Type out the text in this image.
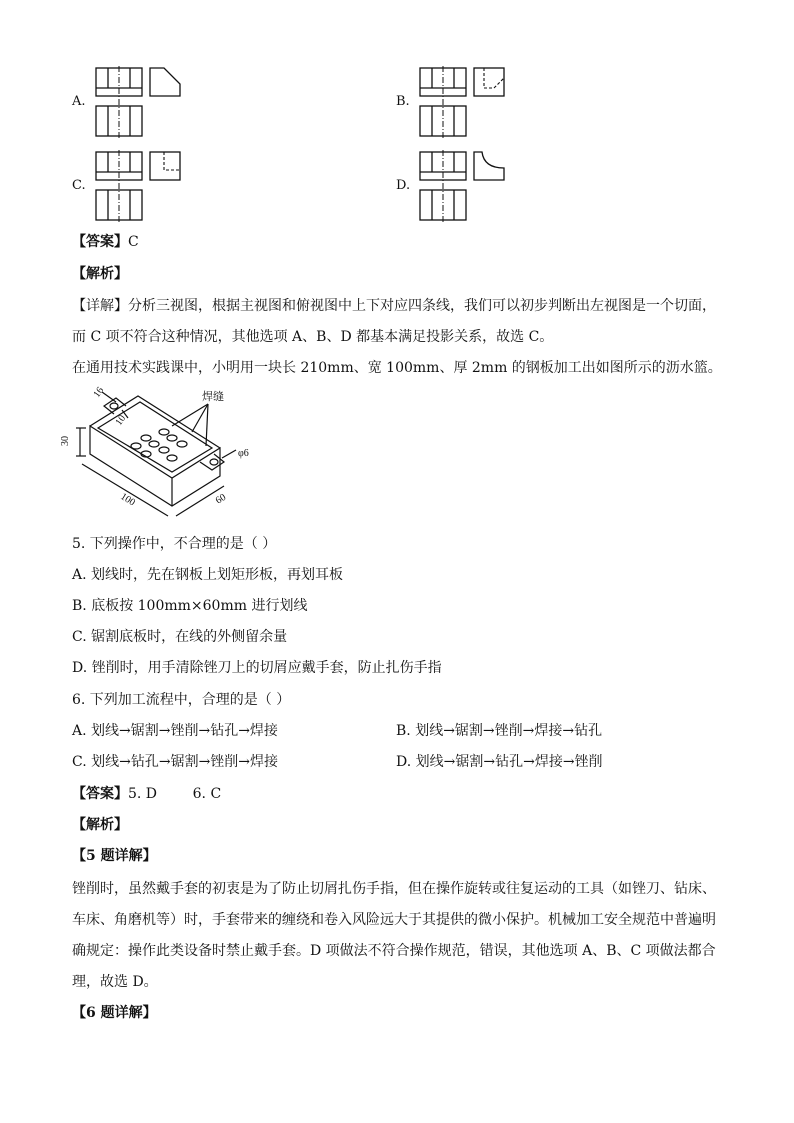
A.	B.
C.	D.
【答案】C
【解析】
【详解】分析三视图，根据主视图和俯视图中上下对应四条线，我们可以初步判断出左视图是一个切面，
而 C 项不符合这种情况，其他选项 A、B、D 都基本满足投影关系，故选 C。
在通用技术实践课中，小明用一块长 210mm、宽 100mm、厚 2mm 的钢板加工出如图所示的沥水篮。
16
10
30
焊缝
φ6
100	60
5. 下列操作中，不合理的是（ ）
A. 划线时，先在钢板上划矩形板，再划耳板
B. 底板按 100mm×60mm 进行划线
C. 锯割底板时，在线的外侧留余量
D. 锉削时，用手清除锉刀上的切屑应戴手套，防止扎伤手指
6. 下列加工流程中，合理的是（ ）
A. 划线→锯割→锉削→钻孔→焊接	B. 划线→锯割→锉削→焊接→钻孔
C. 划线→钻孔→锯割→锉削→焊接	D. 划线→锯割→钻孔→焊接→锉削
【答案】5. D        6. C
【解析】
【5 题详解】
锉削时，虽然戴手套的初衷是为了防止切屑扎伤手指，但在操作旋转或往复运动的工具（如锉刀、钻床、
车床、角磨机等）时，手套带来的缠绕和卷入风险远大于其提供的微小保护。机械加工安全规范中普遍明
确规定：操作此类设备时禁止戴手套。D 项做法不符合操作规范，错误，其他选项 A、B、C 项做法都合
理，故选 D。
【6 题详解】
